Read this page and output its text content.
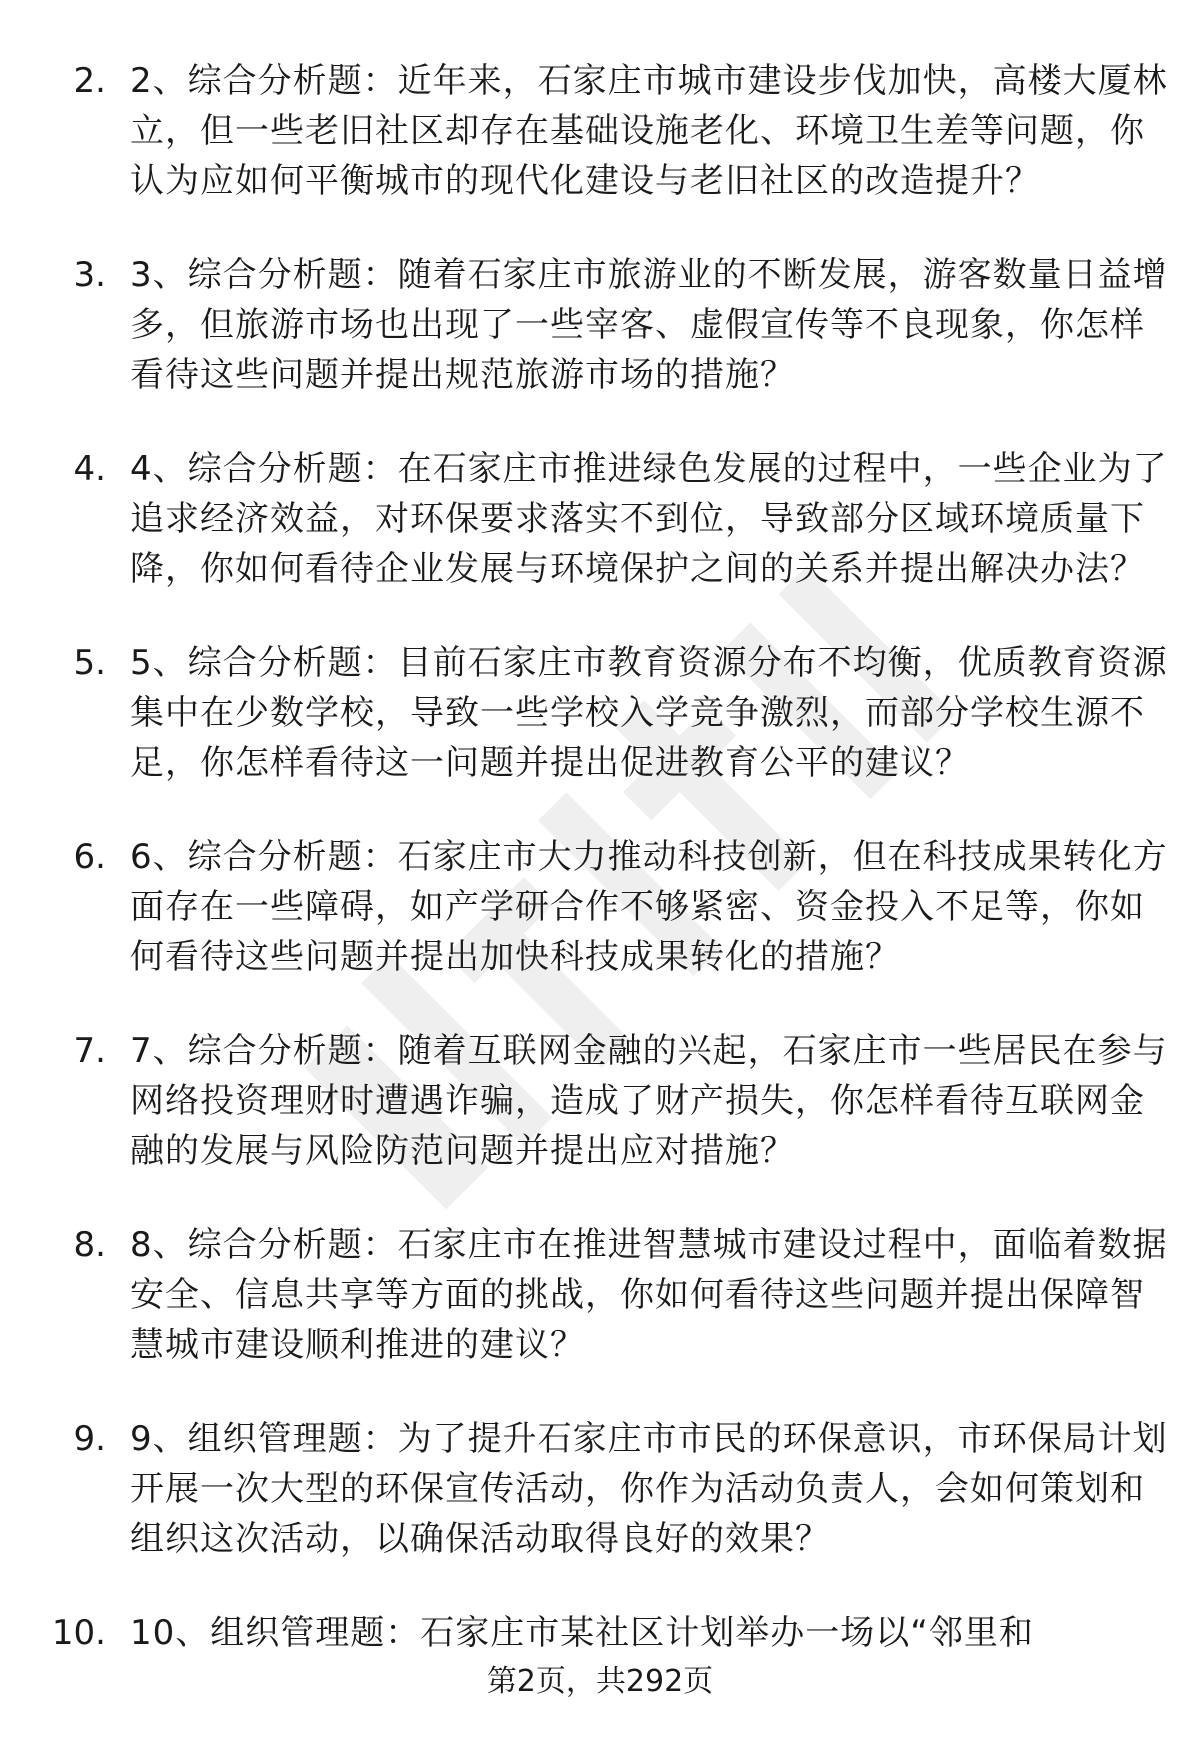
2. 2、综合分析题：近年来，石家庄市城市建设步伐加快，高楼大厦林立，但一些老旧社区却存在基础设施老化、环境卫生差等问题，你认为应如何平衡城市的现代化建设与老旧社区的改造提升？
3. 3、综合分析题：随着石家庄市旅游业的不断发展，游客数量日益增多，但旅游市场也出现了一些宰客、虚假宣传等不良现象，你怎样看待这些问题并提出规范旅游市场的措施？
4. 4、综合分析题：在石家庄市推进绿色发展的过程中，一些企业为了追求经济效益，对环保要求落实不到位，导致部分区域环境质量下降，你如何看待企业发展与环境保护之间的关系并提出解决办法？
5. 5、综合分析题：目前石家庄市教育资源分布不均衡，优质教育资源集中在少数学校，导致一些学校入学竞争激烈，而部分学校生源不足，你怎样看待这一问题并提出促进教育公平的建议？
6. 6、综合分析题：石家庄市大力推动科技创新，但在科技成果转化方面存在一些障碍，如产学研合作不够紧密、资金投入不足等，你如何看待这些问题并提出加快科技成果转化的措施？
7. 7、综合分析题：随着互联网金融的兴起，石家庄市一些居民在参与网络投资理财时遭遇诈骗，造成了财产损失，你怎样看待互联网金融的发展与风险防范问题并提出应对措施？
8. 8、综合分析题：石家庄市在推进智慧城市建设过程中，面临着数据安全、信息共享等方面的挑战，你如何看待这些问题并提出保障智慧城市建设顺利推进的建议？
9. 9、组织管理题：为了提升石家庄市市民的环保意识，市环保局计划开展一次大型的环保宣传活动，你作为活动负责人，会如何策划和组织这次活动，以确保活动取得良好的效果？
10. 10、组织管理题：石家庄市某社区计划举办一场以“邻里和
第2页，共292页
